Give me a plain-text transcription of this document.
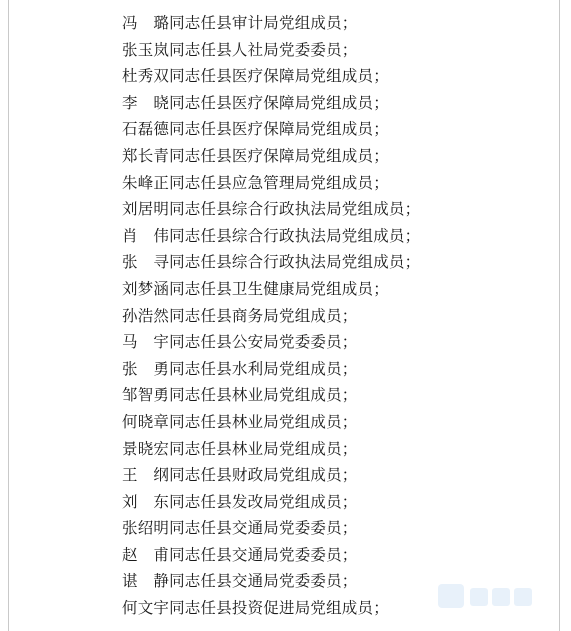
冯　璐同志任县审计局党组成员；
张玉岚同志任县人社局党委委员；
杜秀双同志任县医疗保障局党组成员；
李　晓同志任县医疗保障局党组成员；
石磊德同志任县医疗保障局党组成员；
郑长青同志任县医疗保障局党组成员；
朱峰正同志任县应急管理局党组成员；
刘居明同志任县综合行政执法局党组成员；
肖　伟同志任县综合行政执法局党组成员；
张　寻同志任县综合行政执法局党组成员；
刘梦涵同志任县卫生健康局党组成员；
孙浩然同志任县商务局党组成员；
马　宇同志任县公安局党委委员；
张　勇同志任县水利局党组成员；
邹智勇同志任县林业局党组成员；
何晓章同志任县林业局党组成员；
景晓宏同志任县林业局党组成员；
王　纲同志任县财政局党组成员；
刘　东同志任县发改局党组成员；
张绍明同志任县交通局党委委员；
赵　甫同志任县交通局党委委员；
谌　静同志任县交通局党委委员；
何文宇同志任县投资促进局党组成员；
